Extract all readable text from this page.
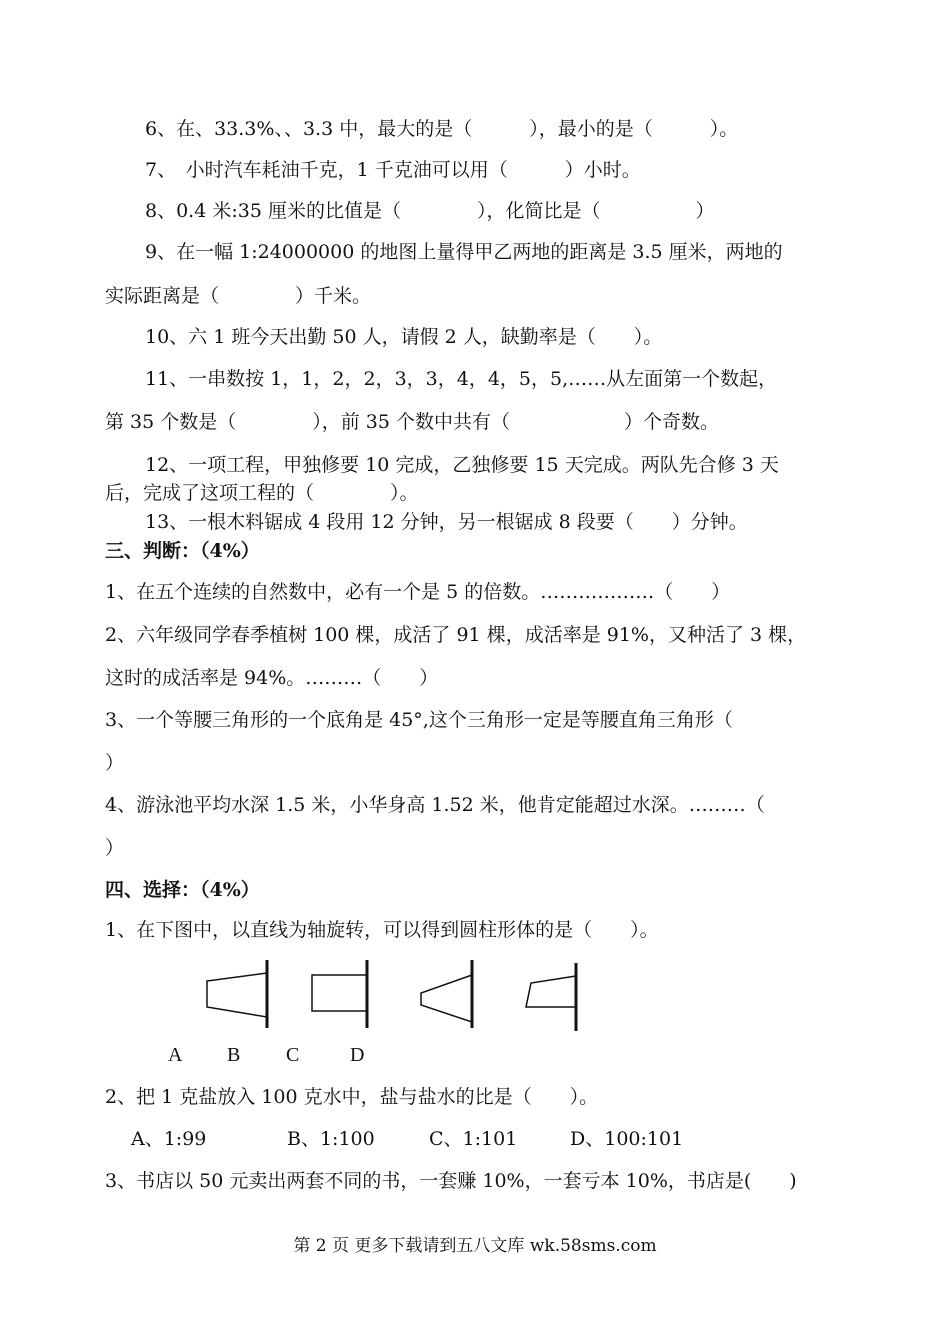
6、在、33.3%、、3.3 中，最大的是（　　　），最小的是（　　　）。
7、　小时汽车耗油千克，1 千克油可以用（　　　）小时。
8、0.4 米:35 厘米的比值是（　　　　），化简比是（　　　　　）
9、在一幅 1:24000000 的地图上量得甲乙两地的距离是 3.5 厘米，两地的
实际距离是（　　　　）千米。
10、六 1 班今天出勤 50 人，请假 2 人，缺勤率是（　　）。
11、一串数按 1，1，2，2，3，3，4，4，5，5,……从左面第一个数起，
第 35 个数是（　　　　），前 35 个数中共有（　　　　　　）个奇数。
12、一项工程，甲独修要 10 完成，乙独修要 15 天完成。两队先合修 3 天
后，完成了这项工程的（　　　　）。
13、一根木料锯成 4 段用 12 分钟，另一根锯成 8 段要（　　）分钟。
三、判断：（4%）
1、在五个连续的自然数中，必有一个是 5 的倍数。………………（　　）
2、六年级同学春季植树 100 棵，成活了 91 棵，成活率是 91%，又种活了 3 棵，
这时的成活率是 94%。………（　　）
3、一个等腰三角形的一个底角是 45°,这个三角形一定是等腰直角三角形（
）
4、游泳池平均水深 1.5 米，小华身高 1.52 米，他肯定能超过水深。………（
）
四、选择：（4%）
1、在下图中，以直线为轴旋转，可以得到圆柱形体的是（　　）。
A B C	D
2、把 1 克盐放入 100 克水中，盐与盐水的比是（　　）。
A、1:99	B、1:100	C、1:101	D、100:101
3、书店以 50 元卖出两套不同的书，一套赚 10%，一套亏本 10%，书店是(　　)
第 2 页 更多下载请到五八文库 wk.58sms.com
